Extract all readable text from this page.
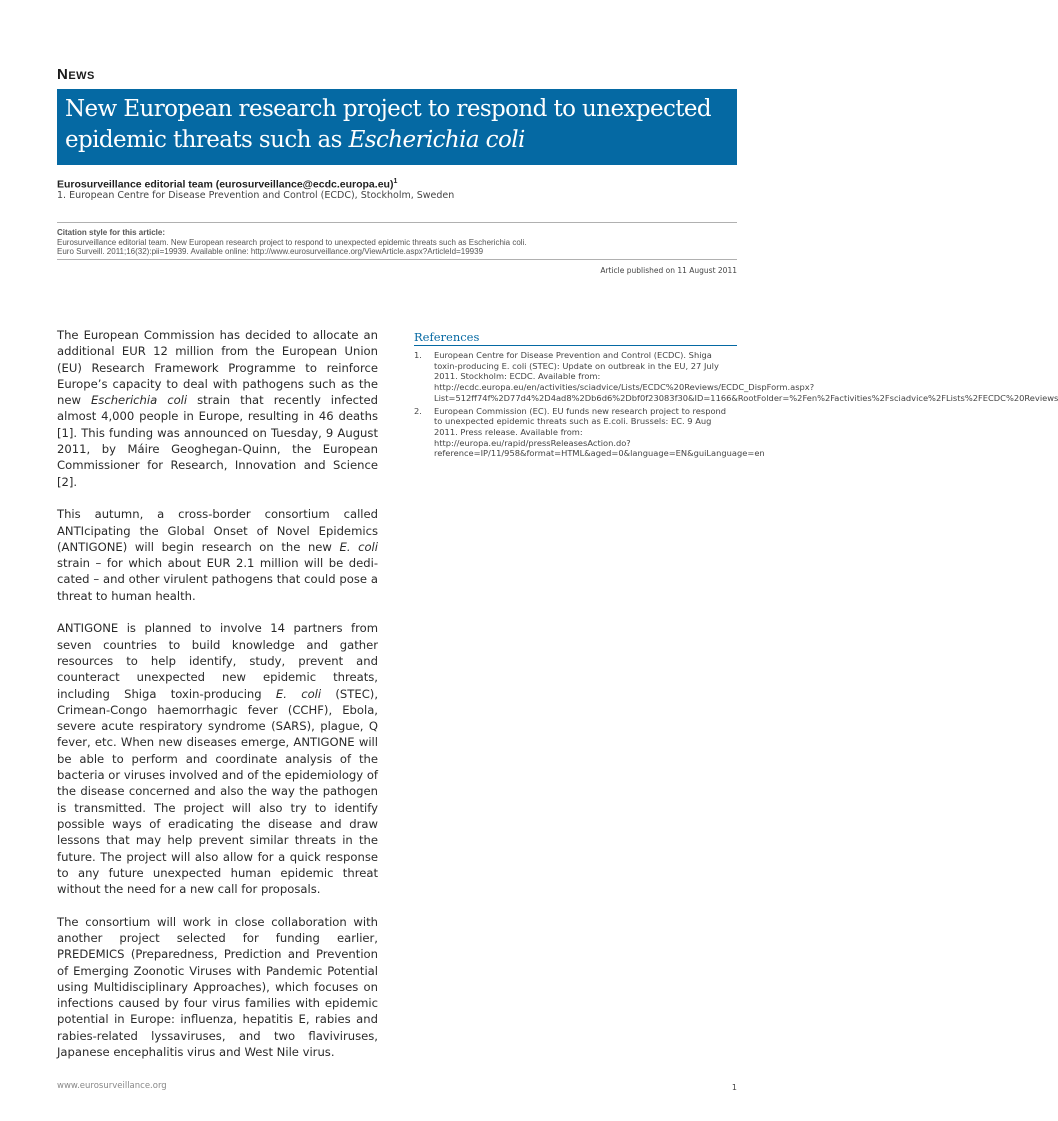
News
New European research project to respond to unexpected epidemic threats such as Escherichia coli
Eurosurveillance editorial team (eurosurveillance@ecdc.europa.eu)$^1$
1. European Centre for Disease Prevention and Control (ECDC), Stockholm, Sweden
Citation style for this article:
Eurosurveillance editorial team. New European research project to respond to unexpected epidemic threats such as Escherichia coli.
Euro Surveill. 2011;16(32):pii=19939. Available online: http://www.eurosurveillance.org/ViewArticle.aspx?ArticleId=19939
Article published on 11 August 2011

The European Commission has decided to allocate an additional EUR 12 million from the European Union (EU) Research Framework Programme to reinforce Europe’s capacity to deal with pathogens such as the new Escherichia coli strain that recently infected almost 4,000 people in Europe, resulting in 46 deaths [1]. This funding was announced on Tuesday, 9 August 2011, by Máire Geoghegan-Quinn, the European Commissioner for Research, Innovation and Science [2].

This autumn, a cross-border consortium called ANTIcipating the Global Onset of Novel Epidemics (ANTIGONE) will begin research on the new E. coli strain – for which about EUR 2.1 million will be dedicated – and other virulent pathogens that could pose a threat to human health.

ANTIGONE is planned to involve 14 partners from seven countries to build knowledge and gather resources to help identify, study, prevent and counteract unexpected new epidemic threats, including Shiga toxin-producing E. coli (STEC), Crimean-Congo haemorrhagic fever (CCHF), Ebola, severe acute respiratory syndrome (SARS), plague, Q fever, etc. When new diseases emerge, ANTIGONE will be able to perform and coordinate analysis of the bacteria or viruses involved and of the epidemiology of the disease concerned and also the way the pathogen is transmitted. The project will also try to identify possible ways of eradicating the disease and draw lessons that may help prevent similar threats in the future. The project will also allow for a quick response to any future unexpected human epidemic threat without the need for a new call for proposals.

The consortium will work in close collaboration with another project selected for funding earlier, PREDEMICS (Preparedness, Prediction and Prevention of Emerging Zoonotic Viruses with Pandemic Potential using Multidisciplinary Approaches), which focuses on infections caused by four virus families with epidemic potential in Europe: influenza, hepatitis E, rabies and rabies-related lyssaviruses, and two flaviviruses, Japanese encephalitis virus and West Nile virus.

References
1. European Centre for Disease Prevention and Control (ECDC). Shiga toxin-producing E. coli (STEC): Update on outbreak in the EU, 27 July 2011. Stockholm: ECDC. Available from: http://ecdc.europa.eu/en/activities/sciadvice/Lists/ECDC%20Reviews/ECDC_DispForm.aspx?List=512ff74f%2D77d4%2D4ad8%2Db6d6%2Dbf0f23083f30&ID=1166&RootFolder=%2Fen%2Factivities%2Fsciadvice%2FLists%2FECDC%20Reviews
2. European Commission (EC). EU funds new research project to respond to unexpected epidemic threats such as E.coli. Brussels: EC. 9 Aug 2011. Press release. Available from: http://europa.eu/rapid/pressReleasesAction.do?reference=IP/11/958&format=HTML&aged=0&language=EN&guiLanguage=en
www.eurosurveillance.org	1
